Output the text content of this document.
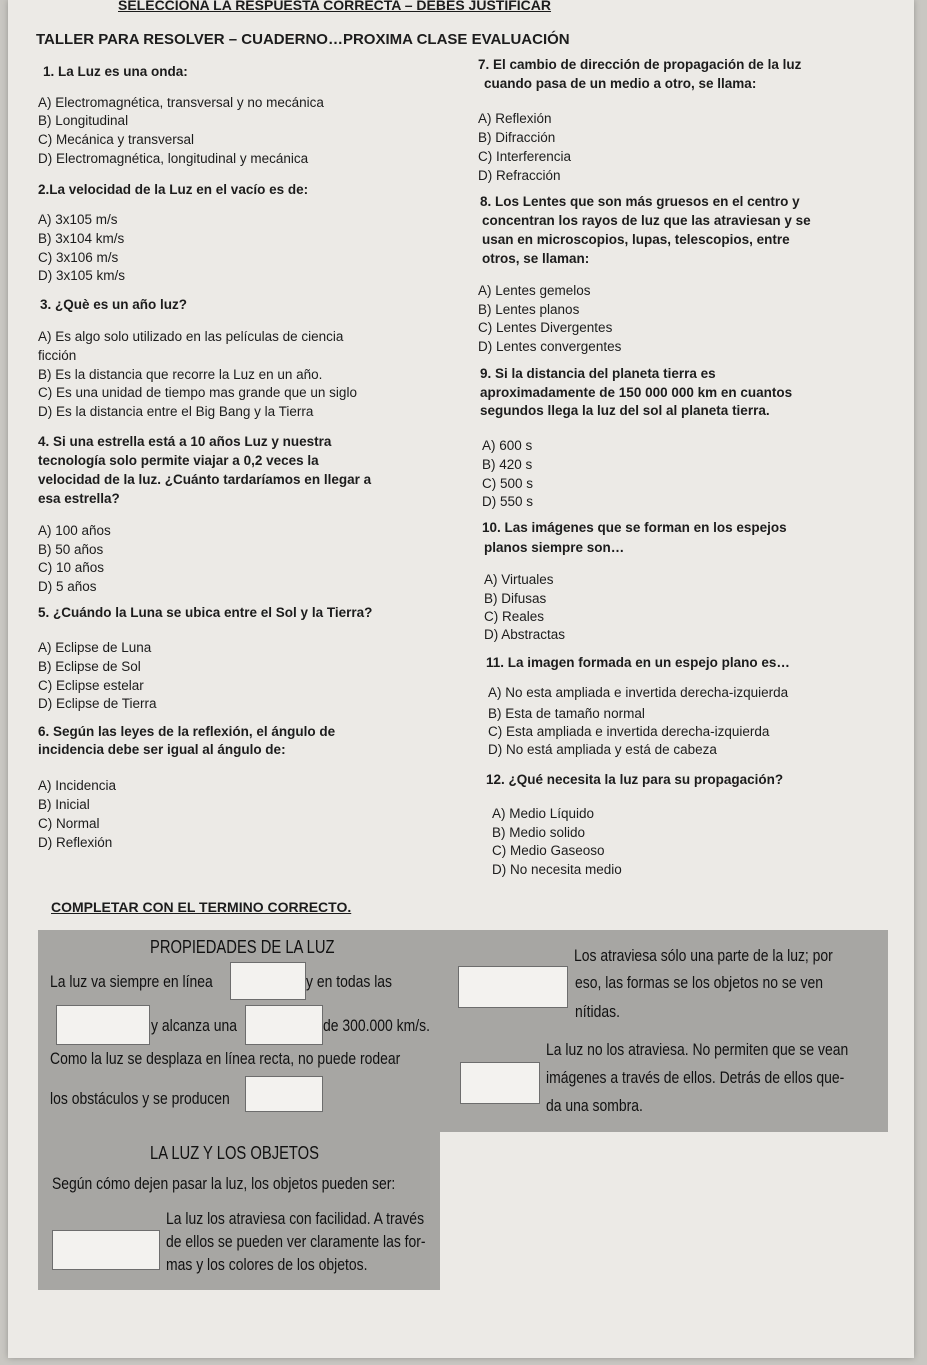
SELECCIONA LA RESPUESTA CORRECTA – DEBES JUSTIFICAR
TALLER PARA RESOLVER – CUADERNO…PROXIMA CLASE EVALUACIÓN
1. La Luz es una onda:
A) Electromagnética, transversal y no mecánica
B) Longitudinal
C) Mecánica y transversal
D) Electromagnética, longitudinal y mecánica
2.La velocidad de la Luz en el vacío es de:
A) 3x105 m/s
B) 3x104 km/s
C) 3x106 m/s
D) 3x105 km/s
3. ¿Què es un año luz?
A) Es algo solo utilizado en las películas de ciencia
ficción
B) Es la distancia que recorre la Luz en un año.
C) Es una unidad de tiempo mas grande que un siglo
D) Es la distancia entre el Big Bang y la Tierra
4. Si una estrella está a 10 años Luz y nuestra
tecnología solo permite viajar a 0,2 veces la
velocidad de la luz. ¿Cuánto tardaríamos en llegar a
esa estrella?
A) 100 años
B) 50 años
C) 10 años
D) 5 años
5. ¿Cuándo la Luna se ubica entre el Sol y la Tierra?
A) Eclipse de Luna
B) Eclipse de Sol
C) Eclipse estelar
D) Eclipse de Tierra
6. Según las leyes de la reflexión, el ángulo de
incidencia debe ser igual al ángulo de:
A) Incidencia
B) Inicial
C) Normal
D) Reflexión
7. El cambio de dirección de propagación de la luz
cuando pasa de un medio a otro, se llama:
A) Reflexión
B) Difracción
C) Interferencia
D) Refracción
8. Los Lentes que son más gruesos en el centro y
concentran los rayos de luz que las atraviesan y se
usan en microscopios, lupas, telescopios, entre
otros, se llaman:
A) Lentes gemelos
B) Lentes planos
C) Lentes Divergentes
D) Lentes convergentes
9. Si la distancia del planeta tierra es
aproximadamente de 150 000 000 km en cuantos
segundos llega la luz del sol al planeta tierra.
A) 600 s
B) 420 s
C) 500 s
D) 550 s
10. Las imágenes que se forman en los espejos
planos siempre son…
A) Virtuales
B) Difusas
C) Reales
D) Abstractas
11. La imagen formada en un espejo plano es…
A) No esta ampliada e invertida derecha-izquierda
B) Esta de tamaño normal
C) Esta ampliada e invertida derecha-izquierda
D) No está ampliada y está de cabeza
12. ¿Qué necesita la luz para su propagación?
A) Medio Líquido
B) Medio solido
C) Medio Gaseoso
D) No necesita medio
COMPLETAR CON EL TERMINO CORRECTO.
PROPIEDADES DE LA LUZ
La luz va siempre en línea	y en todas las
y alcanza una	de 300.000 km/s.
Como la luz se desplaza en línea recta, no puede rodear
los obstáculos y se producen
Los atraviesa sólo una parte de la luz; por
eso, las formas se los objetos no se ven
nítidas.
La luz no los atraviesa. No permiten que se vean
imágenes a través de ellos. Detrás de ellos que-
da una sombra.
LA LUZ Y LOS OBJETOS
Según cómo dejen pasar la luz, los objetos pueden ser:
La luz los atraviesa con facilidad. A través
de ellos se pueden ver claramente las for-
mas y los colores de los objetos.
